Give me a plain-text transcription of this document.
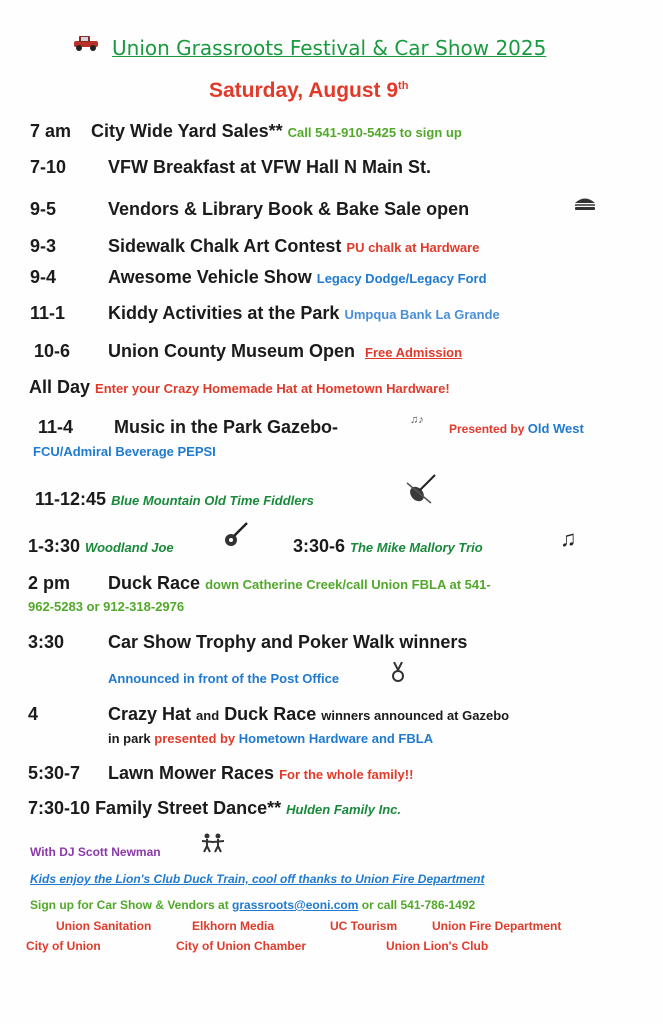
Union Grassroots Festival & Car Show 2025
Saturday, August 9th
7 am City Wide Yard Sales** Call 541-910-5425 to sign up
7-10 VFW Breakfast at VFW Hall N Main St.
9-5	Vendors & Library Book & Bake Sale open
9-3	Sidewalk Chalk Art Contest PU chalk at Hardware
9-4	Awesome Vehicle Show Legacy Dodge/Legacy Ford
11-1 Kiddy Activities at the Park Umpqua Bank La Grande
10-6 Union County Museum Open Free Admission
All Day Enter your Crazy Homemade Hat at Hometown Hardware!
11-4 Music in the Park Gazebo-	♫♪
Presented by Old West
FCU/Admiral Beverage PEPSI
11-12:45 Blue Mountain Old Time Fiddlers
1-3:30 Woodland Joe	3:30-6 The Mike Mallory Trio	♫
2 pm Duck Race down Catherine Creek/call Union FBLA at 541-
962-5283 or 912-318-2976
3:30 Car Show Trophy and Poker Walk winners
Announced in front of the Post Office
4	Crazy Hat and Duck Race winners announced at Gazebo
in park presented by Hometown Hardware and FBLA
5:30-7 Lawn Mower Races For the whole family!!
7:30-10 Family Street Dance** Hulden Family Inc.
With DJ Scott Newman
Kids enjoy the Lion's Club Duck Train, cool off thanks to Union Fire Department
Sign up for Car Show & Vendors at grassroots@eoni.com or call 541-786-1492
Union Sanitation	Elkhorn Media	UC Tourism	Union Fire Department
City of Union	City of Union Chamber	Union Lion's Club
